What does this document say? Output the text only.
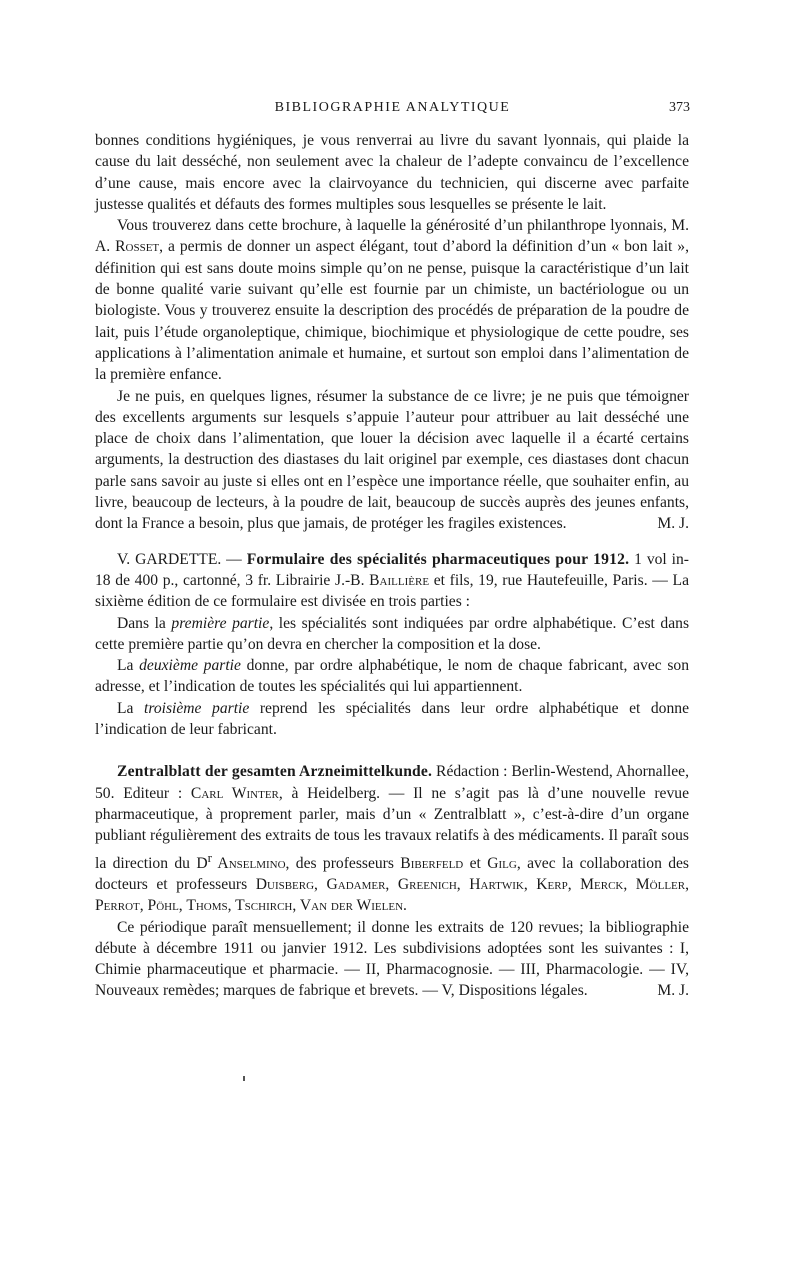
BIBLIOGRAPHIE ANALYTIQUE	373

bonnes conditions hygiéniques, je vous renverrai au livre du savant lyonnais, qui plaide la cause du lait desséché, non seulement avec la chaleur de l’adepte convaincu de l’excellence d’une cause, mais encore avec la clairvoyance du technicien, qui discerne avec parfaite justesse qualités et défauts des formes multiples sous lesquelles se présente le lait.

Vous trouverez dans cette brochure, à laquelle la générosité d’un philanthrope lyonnais, M. A. Rosset, a permis de donner un aspect élégant, tout d’abord la définition d’un « bon lait », définition qui est sans doute moins simple qu’on ne pense, puisque la caractéristique d’un lait de bonne qualité varie suivant qu’elle est fournie par un chimiste, un bactériologue ou un biologiste. Vous y trouverez ensuite la description des procédés de préparation de la poudre de lait, puis l’étude organoleptique, chimique, biochimique et physiologique de cette poudre, ses applications à l’alimentation animale et humaine, et surtout son emploi dans l’alimentation de la première enfance.

Je ne puis, en quelques lignes, résumer la substance de ce livre; je ne puis que témoigner des excellents arguments sur lesquels s’appuie l’auteur pour attribuer au lait desséché une place de choix dans l’alimentation, que louer la décision avec laquelle il a écarté certains arguments, la destruction des diastases du lait originel par exemple, ces diastases dont chacun parle sans savoir au juste si elles ont en l’espèce une importance réelle, que souhaiter enfin, au livre, beaucoup de lecteurs, à la poudre de lait, beaucoup de succès auprès des jeunes enfants, dont la France a besoin, plus que jamais, de protéger les fragiles existences.	M. J.

V. GARDETTE. — Formulaire des spécialités pharmaceutiques pour 1912. 1 vol in-18 de 400 p., cartonné, 3 fr. Librairie J.-B. Baillière et fils, 19, rue Hautefeuille, Paris. — La sixième édition de ce formulaire est divisée en trois parties :

Dans la première partie, les spécialités sont indiquées par ordre alphabétique. C’est dans cette première partie qu’on devra en chercher la composition et la dose.

La deuxième partie donne, par ordre alphabétique, le nom de chaque fabricant, avec son adresse, et l’indication de toutes les spécialités qui lui appartiennent.

La troisième partie reprend les spécialités dans leur ordre alphabétique et donne l’indication de leur fabricant.

Zentralblatt der gesamten Arzneimittelkunde. Rédaction : Berlin-Westend, Ahornallee, 50. Editeur : Carl Winter, à Heidelberg. — Il ne s’agit pas là d’une nouvelle revue pharmaceutique, à proprement parler, mais d’un « Zentralblatt », c’est-à-dire d’un organe publiant régulièrement des extraits de tous les travaux relatifs à des médicaments. Il paraît sous la direction du $D^r$ Anselmino, des professeurs Biberfeld et Gilg, avec la collaboration des docteurs et professeurs Duisberg, Gadamer, Greenich, Hartwik, Kerp, Merck, Möller, Perrot, Pöhl, Thoms, Tschirch, Van der Wielen.

Ce périodique paraît mensuellement; il donne les extraits de 120 revues; la bibliographie débute à décembre 1911 ou janvier 1912. Les subdivisions adoptées sont les suivantes : I, Chimie pharmaceutique et pharmacie. — II, Pharmacognosie. — III, Pharmacologie. — IV, Nouveaux remèdes; marques de fabrique et brevets. — V, Dispositions légales.	M. J.
